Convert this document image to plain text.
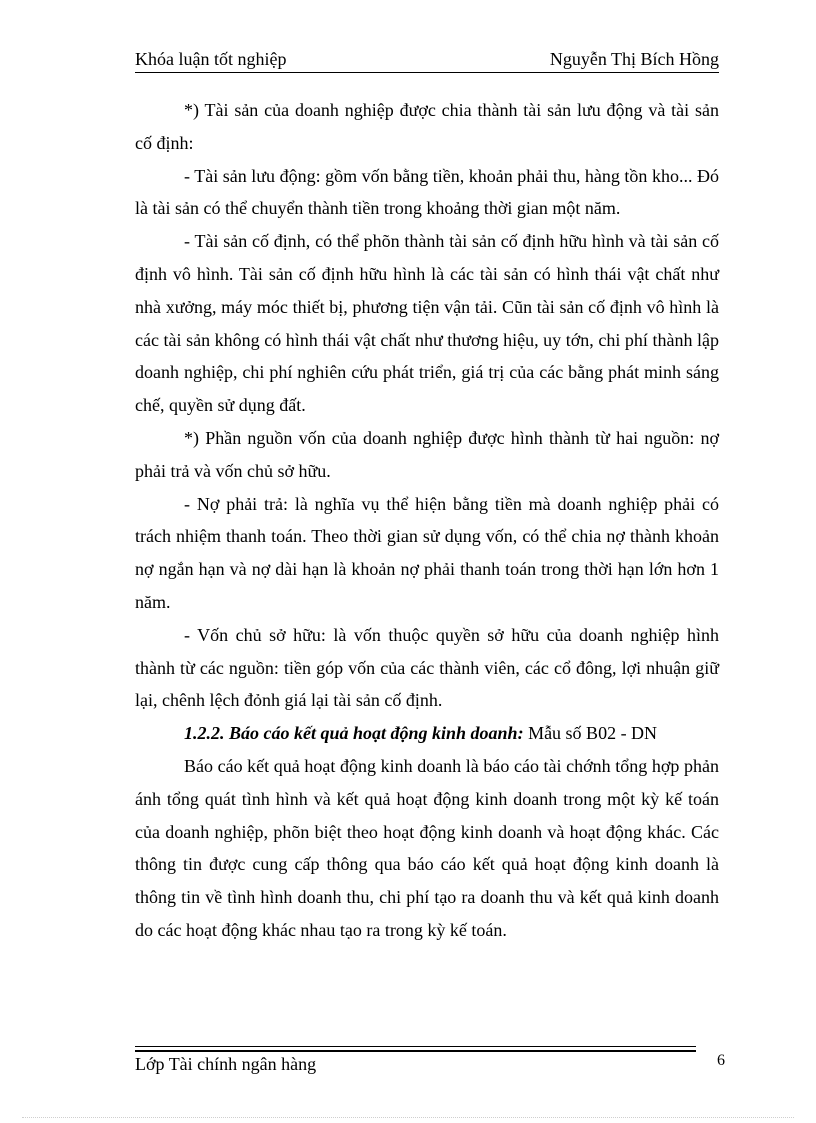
Khóa luận tốt nghiệp	Nguyễn Thị Bích Hồng

*) Tài sản của doanh nghiệp được chia thành tài sản lưu động và tài sản cố định:

- Tài sản lưu động: gồm vốn bằng tiền, khoản phải thu, hàng tồn kho... Đó là tài sản có thể chuyển thành tiền trong khoảng thời gian một năm.

- Tài sản cố định, có thể phõn thành tài sản cố định hữu hình và tài sản cố định vô hình. Tài sản cố định hữu hình là các tài sản có hình thái vật chất như nhà xưởng, máy móc thiết bị, phương tiện vận tải. Cũn tài sản cố định vô hình là các tài sản không có hình thái vật chất như thương hiệu, uy tớn, chi phí thành lập doanh nghiệp, chi phí nghiên cứu phát triển, giá trị của các bằng phát minh sáng chế, quyền sử dụng đất.

*) Phần nguồn vốn của doanh nghiệp được hình thành từ hai nguồn: nợ phải trả và vốn chủ sở hữu.

- Nợ phải trả: là nghĩa vụ thể hiện bằng tiền mà doanh nghiệp phải có trách nhiệm thanh toán. Theo thời gian sử dụng vốn, có thể chia nợ thành khoản nợ ngắn hạn và nợ dài hạn là khoản nợ phải thanh toán trong thời hạn lớn hơn 1 năm.

- Vốn chủ sở hữu: là vốn thuộc quyền sở hữu của doanh nghiệp hình thành từ các nguồn: tiền góp vốn của các thành viên, các cổ đông, lợi nhuận giữ lại, chênh lệch đỏnh giá lại tài sản cố định.

1.2.2. Báo cáo kết quả hoạt động kinh doanh: Mẫu số B02 - DN

Báo cáo kết quả hoạt động kinh doanh là báo cáo tài chớnh tổng hợp phản ánh tổng quát tình hình và kết quả hoạt động kinh doanh trong một kỳ kế toán của doanh nghiệp, phõn biệt theo hoạt động kinh doanh và hoạt động khác. Các thông tin được cung cấp thông qua báo cáo kết quả hoạt động kinh doanh là thông tin về tình hình doanh thu, chi phí tạo ra doanh thu và kết quả kinh doanh do các hoạt động khác nhau tạo ra trong kỳ kế toán.

Lớp Tài chính ngân hàng	6
